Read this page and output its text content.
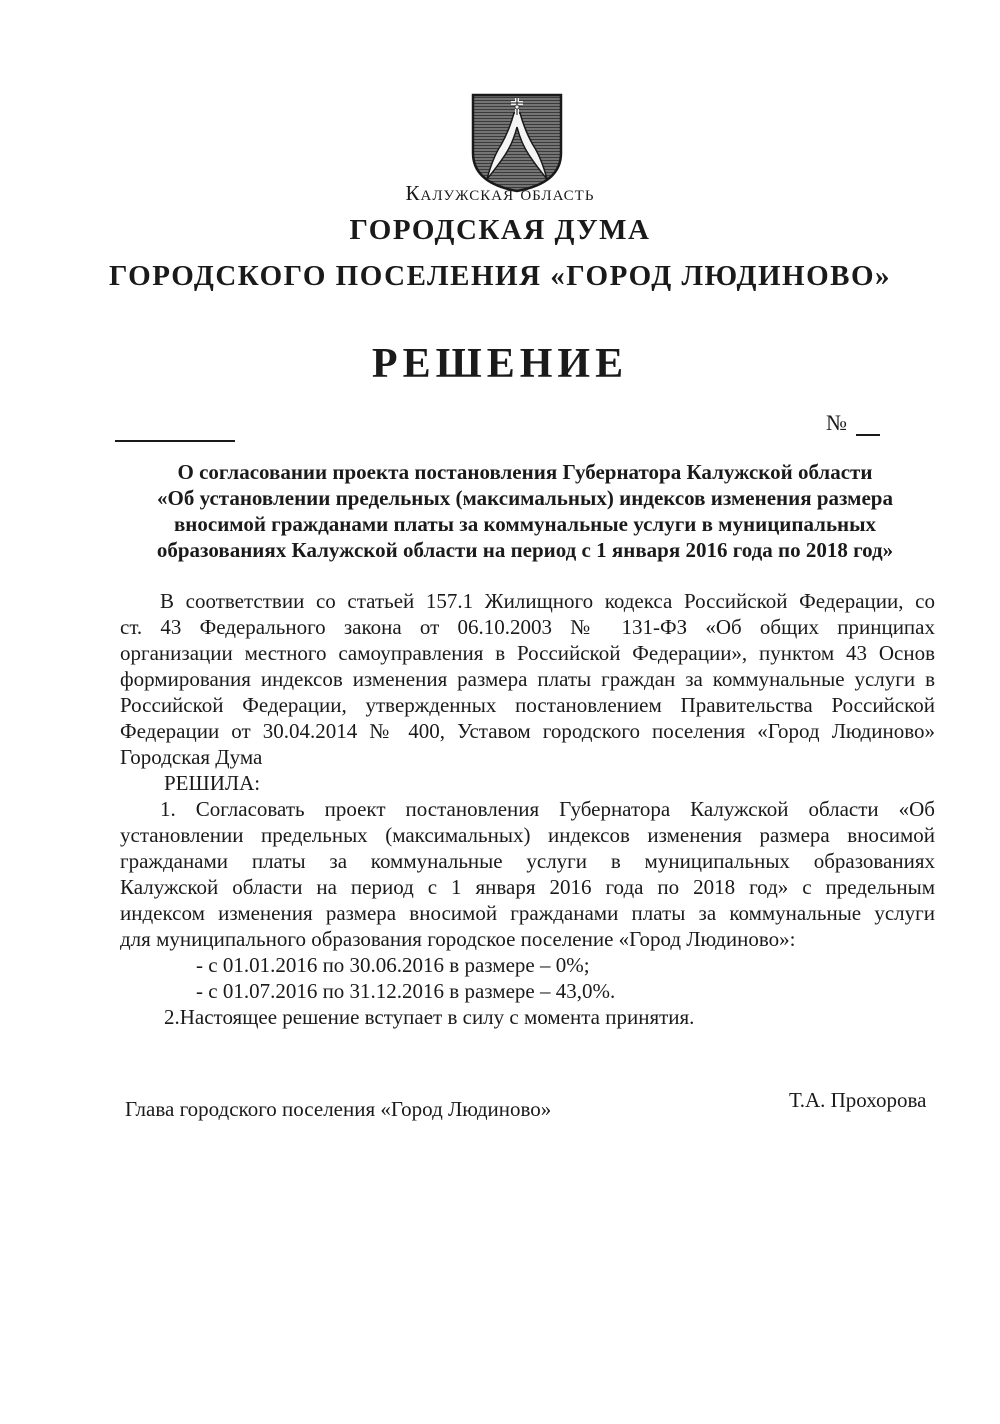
Калужская область
ГОРОДСКАЯ ДУМА
ГОРОДСКОГО ПОСЕЛЕНИЯ «ГОРОД ЛЮДИНОВО»
РЕШЕНИЕ
№
О согласовании проекта постановления Губернатора Калужской области
«Об установлении предельных (максимальных) индексов изменения размера
вносимой гражданами платы за коммунальные услуги в муниципальных
образованиях Калужской области на период с 1 января 2016 года по 2018 год»
В соответствии со статьей 157.1 Жилищного кодекса Российской Федерации, со
ст. 43 Федерального закона от 06.10.2003 № 131-ФЗ «Об общих принципах
организации местного самоуправления в Российской Федерации», пунктом 43 Основ
формирования индексов изменения размера платы граждан за коммунальные услуги в
Российской Федерации, утвержденных постановлением Правительства Российской
Федерации от 30.04.2014 № 400, Уставом городского поселения «Город Людиново»
Городская Дума
РЕШИЛА:
1. Согласовать проект постановления Губернатора Калужской области «Об
установлении предельных (максимальных) индексов изменения размера вносимой
гражданами платы за коммунальные услуги в муниципальных образованиях
Калужской области на период с 1 января 2016 года по 2018 год» с предельным
индексом изменения размера вносимой гражданами платы за коммунальные услуги
для муниципального образования городское поселение «Город Людиново»:
- с 01.01.2016 по 30.06.2016 в размере – 0%;
- с 01.07.2016 по 31.12.2016 в размере – 43,0%.
2.Настоящее решение вступает в силу с момента принятия.
Глава городского поселения «Город Людиново»	Т.А. Прохорова
